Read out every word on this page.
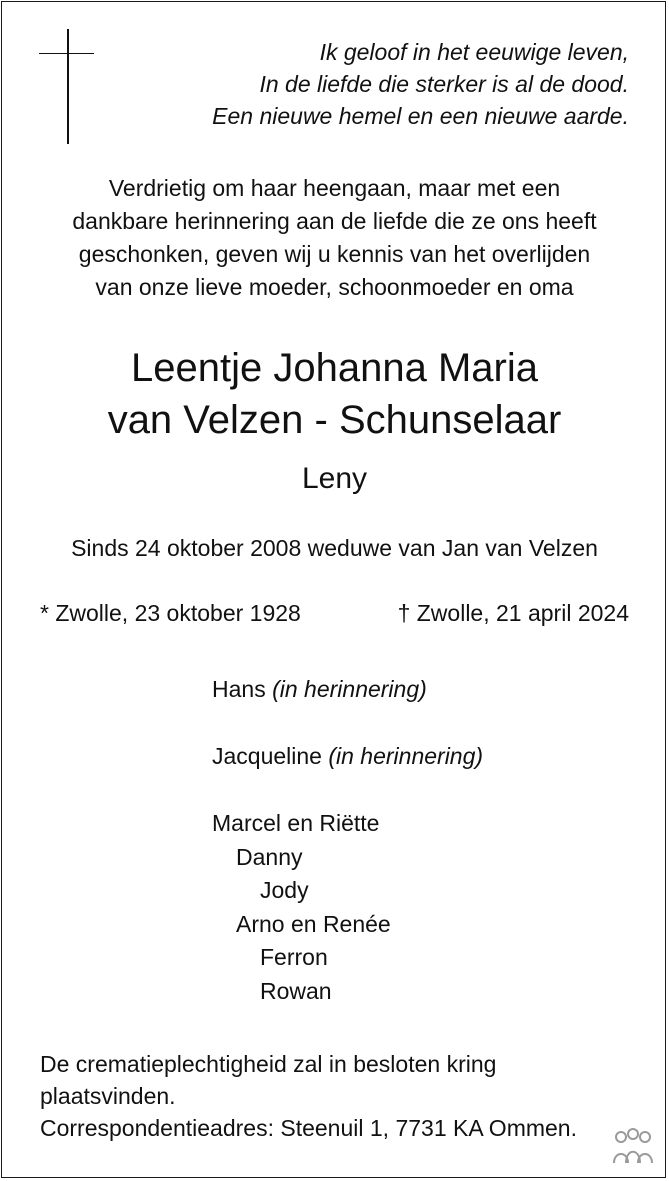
Ik geloof in het eeuwige leven,
In de liefde die sterker is al de dood.
Een nieuwe hemel en een nieuwe aarde.
Verdrietig om haar heengaan, maar met een
dankbare herinnering aan de liefde die ze ons heeft
geschonken, geven wij u kennis van het overlijden
van onze lieve moeder, schoonmoeder en oma
Leentje Johanna Maria
van Velzen - Schunselaar
Leny
Sinds 24 oktober 2008 weduwe van Jan van Velzen
* Zwolle, 23 oktober 1928	† Zwolle, 21 april 2024
Hans (in herinnering)
Jacqueline (in herinnering)
Marcel en Riëtte
Danny
Jody
Arno en Renée
Ferron
Rowan
De crematieplechtigheid zal in besloten kring
plaatsvinden.
Correspondentieadres: Steenuil 1, 7731 KA Ommen.
